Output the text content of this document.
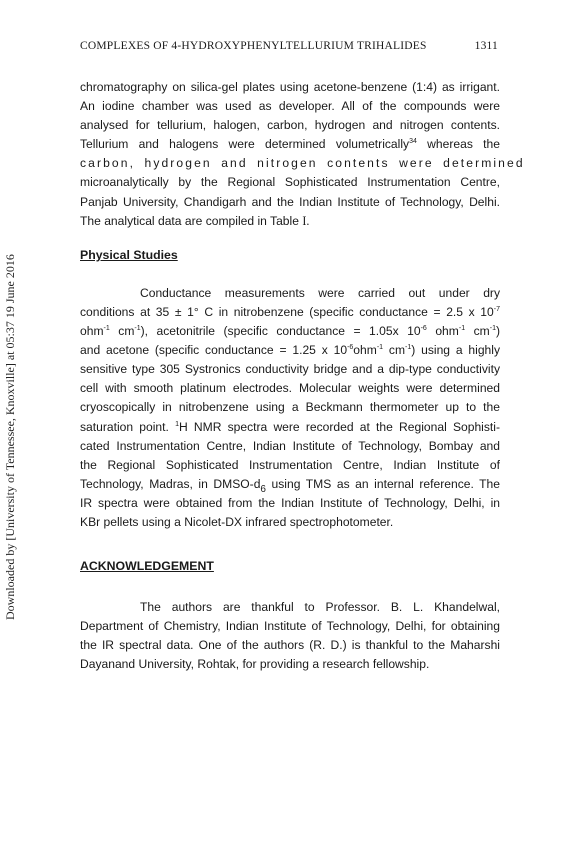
COMPLEXES OF 4-HYDROXYPHENYLTELLURIUM TRIHALIDES	1311
Downloaded by [University of Tennessee, Knoxville] at 05:37 19 June 2016

chromatography on silica-gel plates using acetone-benzene (1:4) as irrigant.
An iodine chamber was used as developer. All of the compounds were
analysed for tellurium, halogen, carbon, hydrogen and nitrogen contents.
Tellurium and halogens were determined volumetrically$^{34}$ whereas the
carbon, hydrogen and nitrogen contents were determined
microanalytically by the Regional Sophisticated Instrumentation Centre,
Panjab University, Chandigarh and the Indian Institute of Technology, Delhi.
The analytical data are compiled in Table I.

Physical Studies

Conductance measurements were carried out under dry
conditions at 35 ± 1° C in nitrobenzene (specific conductance = 2.5 x $10^{-7}$
ohm$^{-1}$ $cm^{-1}$), acetonitrile (specific conductance = 1.05x $10^{-6}$ ohm$^{-1}$ $cm^{-1}$)
and acetone (specific conductance = 1.25 x $10^{-6}ohm^{-1}$ $cm^{-1}$) using a highly
sensitive type 305 Systronics conductivity bridge and a dip-type conductivity
cell with smooth platinum electrodes. Molecular weights were determined
cryoscopically in nitrobenzene using a Beckmann thermometer up to the
saturation point. $^1$H NMR spectra were recorded at the Regional Sophisti-
cated Instrumentation Centre, Indian Institute of Technology, Bombay and
the Regional Sophisticated Instrumentation Centre, Indian Institute of
Technology, Madras, in DMSO-$d_6$ using TMS as an internal reference. The
IR spectra were obtained from the Indian Institute of Technology, Delhi, in
KBr pellets using a Nicolet-DX infrared spectrophotometer.

ACKNOWLEDGEMENT

The authors are thankful to Professor. B. L. Khandelwal,
Department of Chemistry, Indian Institute of Technology, Delhi, for obtaining
the IR spectral data. One of the authors (R. D.) is thankful to the Maharshi
Dayanand University, Rohtak, for providing a research fellowship.
